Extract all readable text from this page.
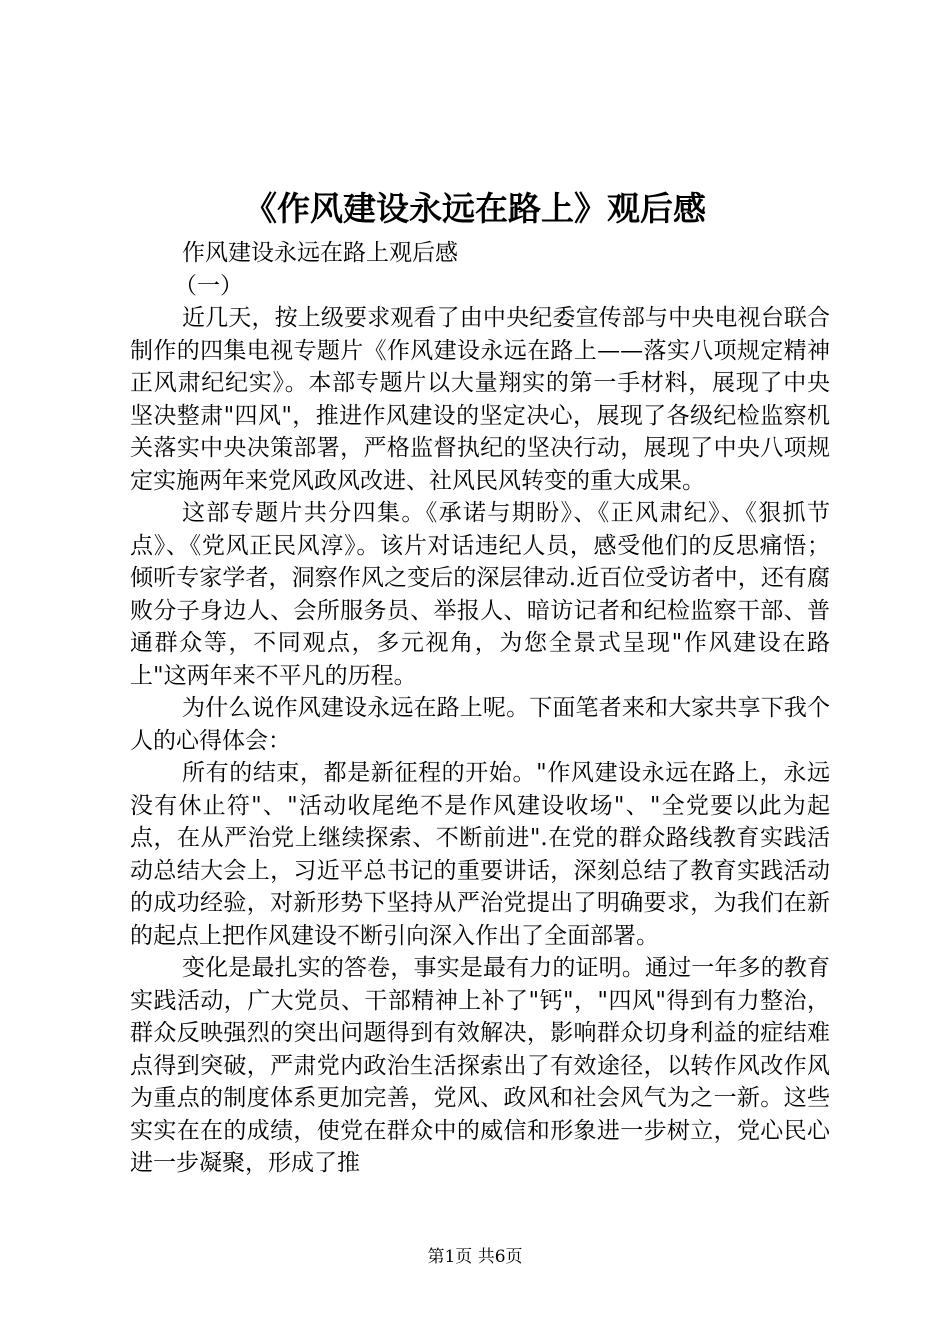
《作风建设永远在路上》观后感

作风建设永远在路上观后感

（一）

近几天，按上级要求观看了由中央纪委宣传部与中央电视台联合制作的四集电视专题片《作风建设永远在路上——落实八项规定精神正风肃纪纪实》。本部专题片以大量翔实的第一手材料，展现了中央坚决整肃"四风"，推进作风建设的坚定决心，展现了各级纪检监察机关落实中央决策部署，严格监督执纪的坚决行动，展现了中央八项规定实施两年来党风政风改进、社风民风转变的重大成果。

这部专题片共分四集。《承诺与期盼》、《正风肃纪》、《狠抓节点》、《党风正民风淳》。该片对话违纪人员，感受他们的反思痛悟；倾听专家学者，洞察作风之变后的深层律动.近百位受访者中，还有腐败分子身边人、会所服务员、举报人、暗访记者和纪检监察干部、普通群众等，不同观点，多元视角，为您全景式呈现"作风建设在路上"这两年来不平凡的历程。

为什么说作风建设永远在路上呢。下面笔者来和大家共享下我个人的心得体会：

所有的结束，都是新征程的开始。"作风建设永远在路上，永远没有休止符"、"活动收尾绝不是作风建设收场"、"全党要以此为起点，在从严治党上继续探索、不断前进".在党的群众路线教育实践活动总结大会上，习近平总书记的重要讲话，深刻总结了教育实践活动的成功经验，对新形势下坚持从严治党提出了明确要求，为我们在新的起点上把作风建设不断引向深入作出了全面部署。

变化是最扎实的答卷，事实是最有力的证明。通过一年多的教育实践活动，广大党员、干部精神上补了"钙"，"四风"得到有力整治，群众反映强烈的突出问题得到有效解决，影响群众切身利益的症结难点得到突破，严肃党内政治生活探索出了有效途径，以转作风改作风为重点的制度体系更加完善，党风、政风和社会风气为之一新。这些实实在在的成绩，使党在群众中的威信和形象进一步树立，党心民心进一步凝聚，形成了推

第1页 共6页
